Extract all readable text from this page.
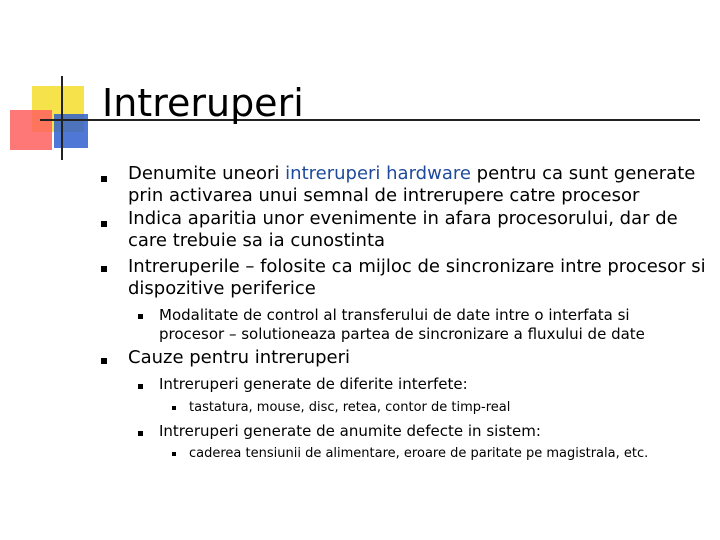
Intreruperi
Denumite uneori intreruperi hardware pentru ca sunt generate
prin activarea unui semnal de intrerupere catre procesor
Indica aparitia unor evenimente in afara procesorului, dar de
care trebuie sa ia cunostinta
Intreruperile – folosite ca mijloc de sincronizare intre procesor si
dispozitive periferice
Modalitate de control al transferului de date intre o interfata si
procesor – solutioneaza partea de sincronizare a fluxului de date
Cauze pentru intreruperi
Intreruperi generate de diferite interfete:
tastatura, mouse, disc, retea, contor de timp-real
Intreruperi generate de anumite defecte in sistem:
caderea tensiunii de alimentare, eroare de paritate pe magistrala, etc.
